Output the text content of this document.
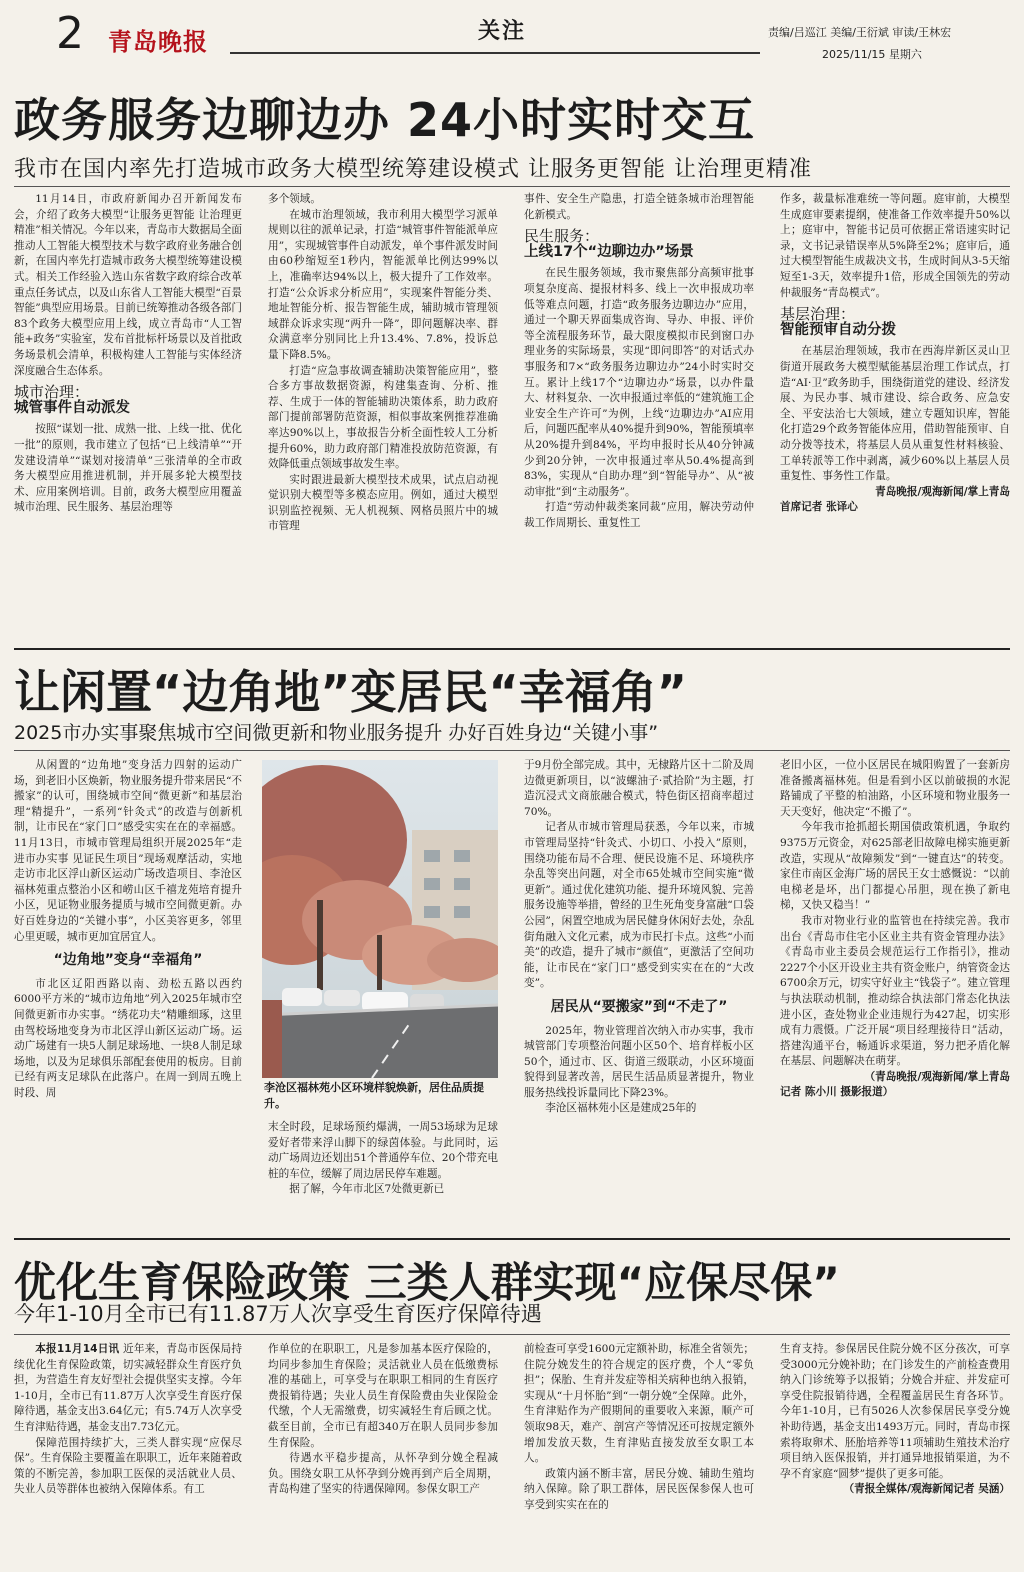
2 青岛晚报	关注	责编/吕巡江 美编/王衍斌 审读/王林宏
2025/11/15 星期六
政务服务边聊边办 24小时实时交互
我市在国内率先打造城市政务大模型统筹建设模式 让服务更智能 让治理更精准

11月14日，市政府新闻办召开新闻发布会，介绍了政务大模型“让服务更智能 让治理更精准”相关情况。今年以来，青岛市大数据局全面推动人工智能大模型技术与数字政府业务融合创新，在国内率先打造城市政务大模型统筹建设模式。相关工作经验入选山东省数字政府综合改革重点任务试点，以及山东省人工智能大模型“百景智能”典型应用场景。目前已统筹推动各级各部门83个政务大模型应用上线，成立青岛市“人工智能+政务”实验室，发布首批标杆场景以及首批政务场景机会清单，积极构建人工智能与实体经济深度融合生态体系。

城市治理：
城管事件自动派发

按照“谋划一批、成熟一批、上线一批、优化一批”的原则，我市建立了包括“已上线清单”“开发建设清单”“谋划对接清单”三张清单的全市政务大模型应用推进机制，并开展多轮大模型技术、应用案例培训。目前，政务大模型应用覆盖城市治理、民生服务、基层治理等

多个领域。

在城市治理领域，我市利用大模型学习派单规则以往的派单记录，打造“城管事件智能派单应用”，实现城管事件自动派发，单个事件派发时间由60秒缩短至1秒内，智能派单比例达99%以上，准确率达94%以上，极大提升了工作效率。打造“公众诉求分析应用”，实现案件智能分类、地址智能分析、报告智能生成，辅助城市管理领域群众诉求实现“两升一降”，即问题解决率、群众满意率分别同比上升13.4%、7.8%，投诉总量下降8.5%。

打造“应急事故调查辅助决策智能应用”，整合多方事故数据资源，构建集查询、分析、推荐、生成于一体的智能辅助决策体系，助力政府部门提前部署防范资源，相似事故案例推荐准确率达90%以上，事故报告分析全面性较人工分析提升60%，助力政府部门精准投放防范资源，有效降低重点领域事故发生率。

实时跟进最新大模型技术成果，试点启动视觉识别大模型等多模态应用。例如，通过大模型识别监控视频、无人机视频、网格员照片中的城市管理

事件、安全生产隐患，打造全链条城市治理智能化新模式。

民生服务：
上线17个“边聊边办”场景

在民生服务领域，我市聚焦部分高频审批事项复杂度高、提报材料多、线上一次申报成功率低等难点问题，打造“政务服务边聊边办”应用，通过一个聊天界面集成咨询、导办、申报、评价等全流程服务环节，最大限度模拟市民到窗口办理业务的实际场景，实现“即问即答”的对话式办事服务和7×“政务服务边聊边办”24小时实时交互。累计上线17个“边聊边办”场景，以办件量大、材料复杂、一次申报通过率低的“建筑施工企业安全生产许可”为例，上线“边聊边办”AI应用后，问题匹配率从40%提升到90%，智能预填率从20%提升到84%，平均申报时长从40分钟减少到20分钟，一次申报通过率从50.4%提高到83%，实现从“自助办理”到“智能导办”、从“被动审批”到“主动服务”。

打造“劳动仲裁类案同裁”应用，解决劳动仲裁工作周期长、重复性工

作多，裁量标准难统一等问题。庭审前，大模型生成庭审要素提纲，使准备工作效率提升50%以上；庭审中，智能书记员可依据正常语速实时记录，文书记录错误率从5%降至2%；庭审后，通过大模型智能生成裁决文书，生成时间从3-5天缩短至1-3天，效率提升1倍，形成全国领先的劳动仲裁服务“青岛模式”。

基层治理：
智能预审自动分拨

在基层治理领域，我市在西海岸新区灵山卫街道开展政务大模型赋能基层治理工作试点，打造“AI·卫”政务助手，围绕街道党的建设、经济发展、为民办事、城市建设、综合政务、应急安全、平安法治七大领域，建立专题知识库，智能化打造29个政务智能体应用，借助智能预审、自动分拨等技术，将基层人员从重复性材料核验、工单转派等工作中剥离，减少60%以上基层人员重复性、事务性工作量。

青岛晚报/观海新闻/掌上青岛

首席记者 张译心

让闲置“边角地”变居民“幸福角”
2025市办实事聚焦城市空间微更新和物业服务提升 办好百姓身边“关键小事”

从闲置的“边角地”变身活力四射的运动广场，到老旧小区焕新，物业服务提升带来居民“不搬家”的认可，围绕城市空间“微更新”和基层治理“精提升”，一系列“针灸式”的改造与创新机制，让市民在“家门口”感受实实在在的幸福感。11月13日，市城市管理局组织开展2025年“走进市办实事 见证民生项目”现场观摩活动，实地走访市北区浮山新区运动广场改造项目、李沧区福林苑重点整治小区和崂山区千禧龙苑培育提升小区，见证物业服务提质与城市空间微更新。办好百姓身边的“关键小事”，小区美容更多，邻里心里更暖，城市更加宜居宜人。

“边角地”变身“幸福角”

市北区辽阳西路以南、劲松五路以西约6000平方米的“城市边角地”列入2025年城市空间微更新市办实事。“绣花功夫”精雕细琢，这里由驾校场地变身为市北区浮山新区运动广场。运动广场建有一块5人制足球场地、一块8人制足球场地，以及为足球俱乐部配套使用的板房。目前已经有两支足球队在此落户。在周一到周五晚上时段、周	李沧区福林苑小区环境样貌焕新，居住品质提升。

末全时段，足球场预约爆满，一周53场球为足球爱好者带来浮山脚下的绿茵体验。与此同时，运动广场周边还划出51个普通停车位、20个带充电桩的车位，缓解了周边居民停车难题。

据了解，今年市北区7处微更新已

于9月份全部完成。其中，无棣路片区十二阶及周边微更新项目，以“波螺油子·贰拾阶”为主题，打造沉浸式文商旅融合模式，特色街区招商率超过70%。

记者从市城市管理局获悉，今年以来，市城市管理局坚持“针灸式、小切口、小投入”原则，围绕功能布局不合理、便民设施不足、环境秩序杂乱等突出问题，对全市65处城市空间实施“微更新”。通过优化建筑功能、提升环境风貌、完善服务设施等举措，曾经的卫生死角变身富融“口袋公园”，闲置空地成为居民健身休闲好去处，杂乱街角融入文化元素，成为市民打卡点。这些“小而美”的改造，提升了城市“颜值”，更激活了空间功能，让市民在“家门口”感受到实实在在的“大改变”。

居民从“要搬家”到“不走了”

2025年，物业管理首次纳入市办实事，我市城管部门专项整治问题小区50个、培育样板小区50个，通过市、区、街道三级联动，小区环境面貌得到显著改善，居民生活品质显著提升，物业服务热线投诉量同比下降23%。

李沧区福林苑小区是建成25年的

老旧小区，一位小区居民在城阳购置了一套新房准备搬离福林苑。但是看到小区以前破损的水泥路铺成了平整的柏油路，小区环境和物业服务一天天变好，他决定“不搬了”。

今年我市抢抓超长期国债政策机遇，争取约9375万元资金，对625部老旧故障电梯实施更新改造，实现从“故障频发”到“一键直达”的转变。家住市南区金海广场的居民王女士感慨说：“以前电梯老是坏，出门都提心吊胆，现在换了新电梯，又快又稳当！”

我市对物业行业的监管也在持续完善。我市出台《青岛市住宅小区业主共有资金管理办法》《青岛市业主委员会规范运行工作指引》，推动2227个小区开设业主共有资金账户，纳管资金达6700余万元，切实守好业主“钱袋子”。建立管理与执法联动机制，推动综合执法部门常态化执法进小区，查处物业企业违规行为427起，切实形成有力震慑。广泛开展“项目经理接待日”活动，搭建沟通平台，畅通诉求渠道，努力把矛盾化解在基层、问题解决在萌芽。

（青岛晚报/观海新闻/掌上青岛

记者 陈小川 摄影报道）

优化生育保险政策 三类人群实现“应保尽保”
今年1-10月全市已有11.87万人次享受生育医疗保障待遇

本报11月14日讯 近年来，青岛市医保局持续优化生育保险政策，切实减轻群众生育医疗负担，为营造生育友好型社会提供坚实支撑。今年1-10月，全市已有11.87万人次享受生育医疗保障待遇，基金支出3.64亿元；有5.74万人次享受生育津贴待遇，基金支出7.73亿元。

保障范围持续扩大，三类人群实现“应保尽保”。生育保险主要覆盖在职职工，近年来随着政策的不断完善，参加职工医保的灵活就业人员、失业人员等群体也被纳入保障体系。有工

作单位的在职职工，凡是参加基本医疗保险的，均同步参加生育保险；灵活就业人员在低缴费标准的基础上，可享受与在职职工相同的生育医疗费报销待遇；失业人员生育保险费由失业保险金代缴，个人无需缴费，切实减轻生育后顾之忧。截至目前，全市已有超340万在职人员同步参加生育保险。

待遇水平稳步提高，从怀孕到分娩全程减负。围绕女职工从怀孕到分娩再到产后全周期，青岛构建了坚实的待遇保障网。参保女职工产

前检查可享受1600元定额补助，标准全省领先；住院分娩发生的符合规定的医疗费，个人“零负担”；保胎、生育并发症等相关病种也纳入报销，实现从“十月怀胎”到“一朝分娩”全保障。此外，生育津贴作为产假期间的重要收入来源，顺产可领取98天，难产、剖宫产等情况还可按规定额外增加发放天数，生育津贴直接发放至女职工本人。

政策内涵不断丰富，居民分娩、辅助生殖均纳入保障。除了职工群体，居民医保参保人也可享受到实实在在的

生育支持。参保居民住院分娩不区分孩次，可享受3000元分娩补助；在门诊发生的产前检查费用纳入门诊统筹予以报销；分娩合并症、并发症可享受住院报销待遇，全程覆盖居民生育各环节。今年1-10月，已有5026人次参保居民享受分娩补助待遇，基金支出1493万元。同时，青岛市探索将取卵术、胚胎培养等11项辅助生殖技术治疗项目纳入医保报销，并打通异地报销渠道，为不孕不育家庭“圆梦”提供了更多可能。

（青报全媒体/观海新闻记者 吴涵）
